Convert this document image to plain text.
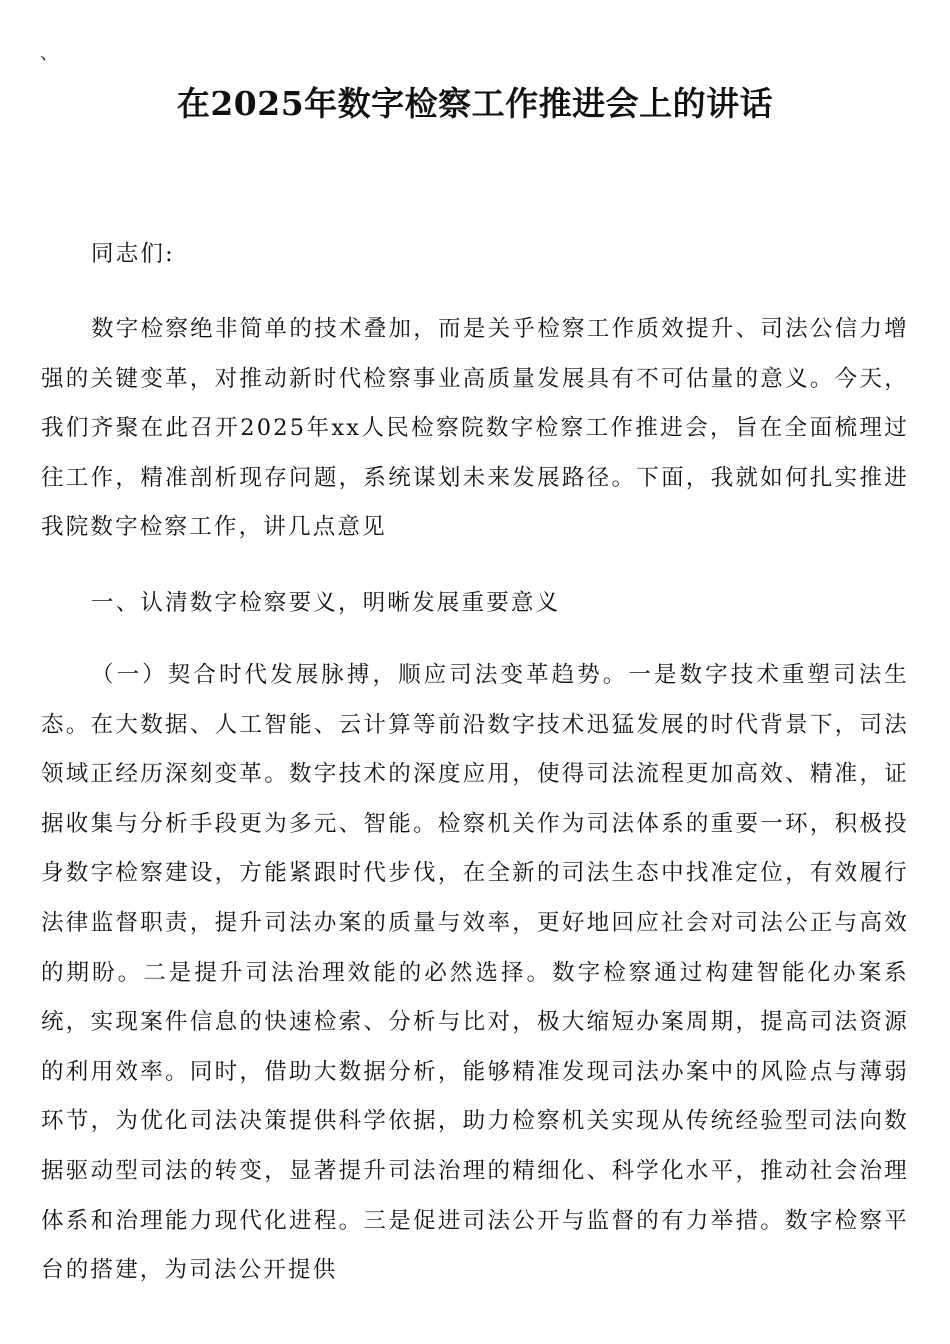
、
在2025年数字检察工作推进会上的讲话

同志们:

数字检察绝非简单的技术叠加，而是关乎检察工作质效提升、司法公信力增强的关键变革，对推动新时代检察事业高质量发展具有不可估量的意义。今天，我们齐聚在此召开2025年xx人民检察院数字检察工作推进会，旨在全面梳理过往工作，精准剖析现存问题，系统谋划未来发展路径。下面，我就如何扎实推进我院数字检察工作，讲几点意见

一、认清数字检察要义，明晰发展重要意义

（一）契合时代发展脉搏，顺应司法变革趋势。一是数字技术重塑司法生态。在大数据、人工智能、云计算等前沿数字技术迅猛发展的时代背景下，司法领域正经历深刻变革。数字技术的深度应用，使得司法流程更加高效、精准，证据收集与分析手段更为多元、智能。检察机关作为司法体系的重要一环，积极投身数字检察建设，方能紧跟时代步伐，在全新的司法生态中找准定位，有效履行法律监督职责，提升司法办案的质量与效率，更好地回应社会对司法公正与高效的期盼。二是提升司法治理效能的必然选择。数字检察通过构建智能化办案系统，实现案件信息的快速检索、分析与比对，极大缩短办案周期，提高司法资源的利用效率。同时，借助大数据分析，能够精准发现司法办案中的风险点与薄弱环节，为优化司法决策提供科学依据，助力检察机关实现从传统经验型司法向数据驱动型司法的转变，显著提升司法治理的精细化、科学化水平，推动社会治理体系和治理能力现代化进程。三是促进司法公开与监督的有力举措。数字检察平台的搭建，为司法公开提供
